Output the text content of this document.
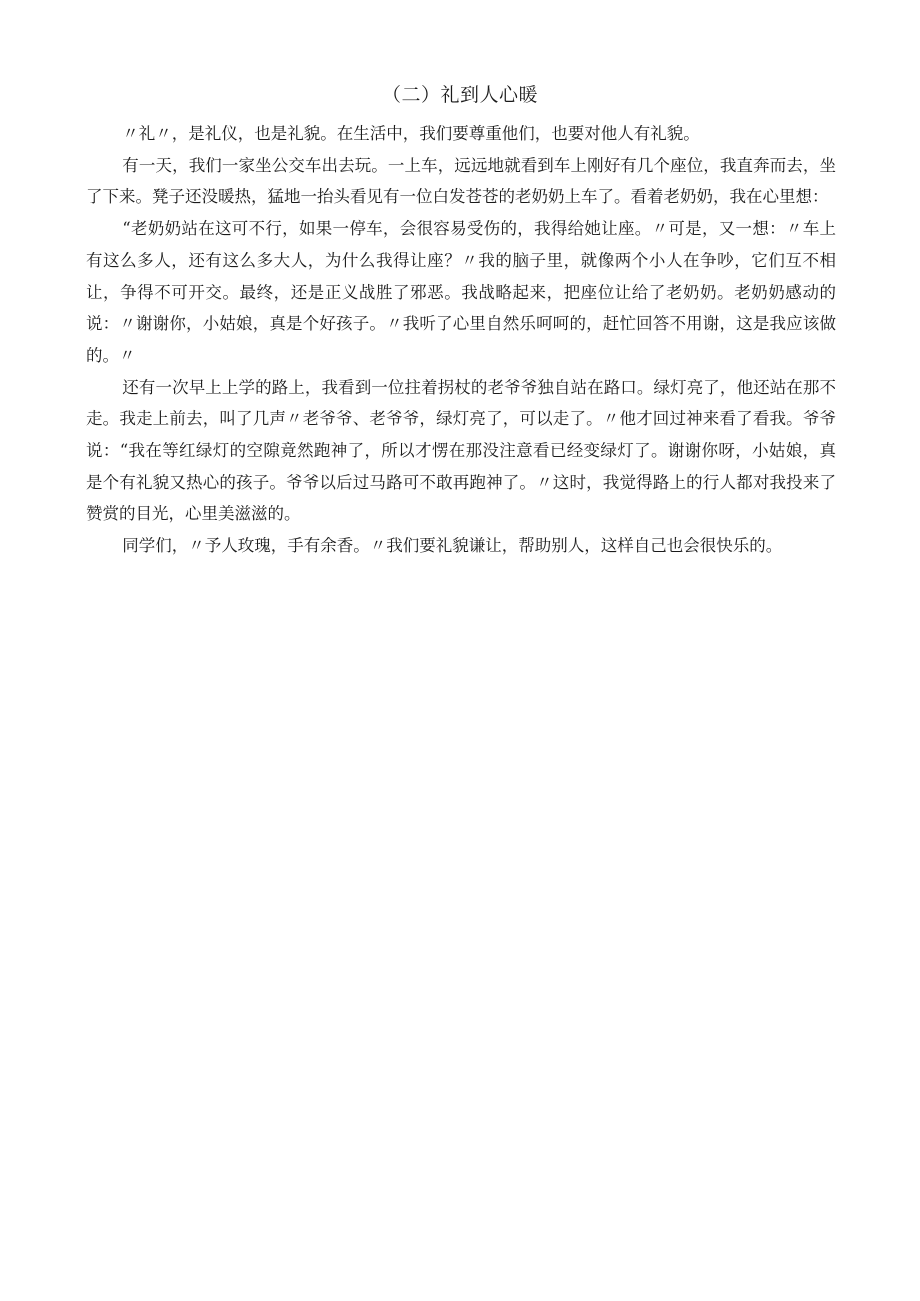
（二）礼到人心暖

〃礼〃，是礼仪，也是礼貌。在生活中，我们要尊重他们，也要对他人有礼貌。

有一天，我们一家坐公交车出去玩。一上车，远远地就看到车上刚好有几个座位，我直奔而去，坐了下来。凳子还没暖热，猛地一抬头看见有一位白发苍苍的老奶奶上车了。看着老奶奶，我在心里想：

“老奶奶站在这可不行，如果一停车，会很容易受伤的，我得给她让座。〃可是，又一想：〃车上有这么多人，还有这么多大人，为什么我得让座？〃我的脑子里，就像两个小人在争吵，它们互不相让，争得不可开交。最终，还是正义战胜了邪恶。我战略起来，把座位让给了老奶奶。老奶奶感动的说：〃谢谢你，小姑娘，真是个好孩子。〃我听了心里自然乐呵呵的，赶忙回答不用谢，这是我应该做的。〃

还有一次早上上学的路上，我看到一位拄着拐杖的老爷爷独自站在路口。绿灯亮了，他还站在那不走。我走上前去，叫了几声〃老爷爷、老爷爷，绿灯亮了，可以走了。〃他才回过神来看了看我。爷爷说：“我在等红绿灯的空隙竟然跑神了，所以才愣在那没注意看已经变绿灯了。谢谢你呀，小姑娘，真是个有礼貌又热心的孩子。爷爷以后过马路可不敢再跑神了。〃这时，我觉得路上的行人都对我投来了赞赏的目光，心里美滋滋的。

同学们，〃予人玫瑰，手有余香。〃我们要礼貌谦让，帮助别人，这样自己也会很快乐的。
